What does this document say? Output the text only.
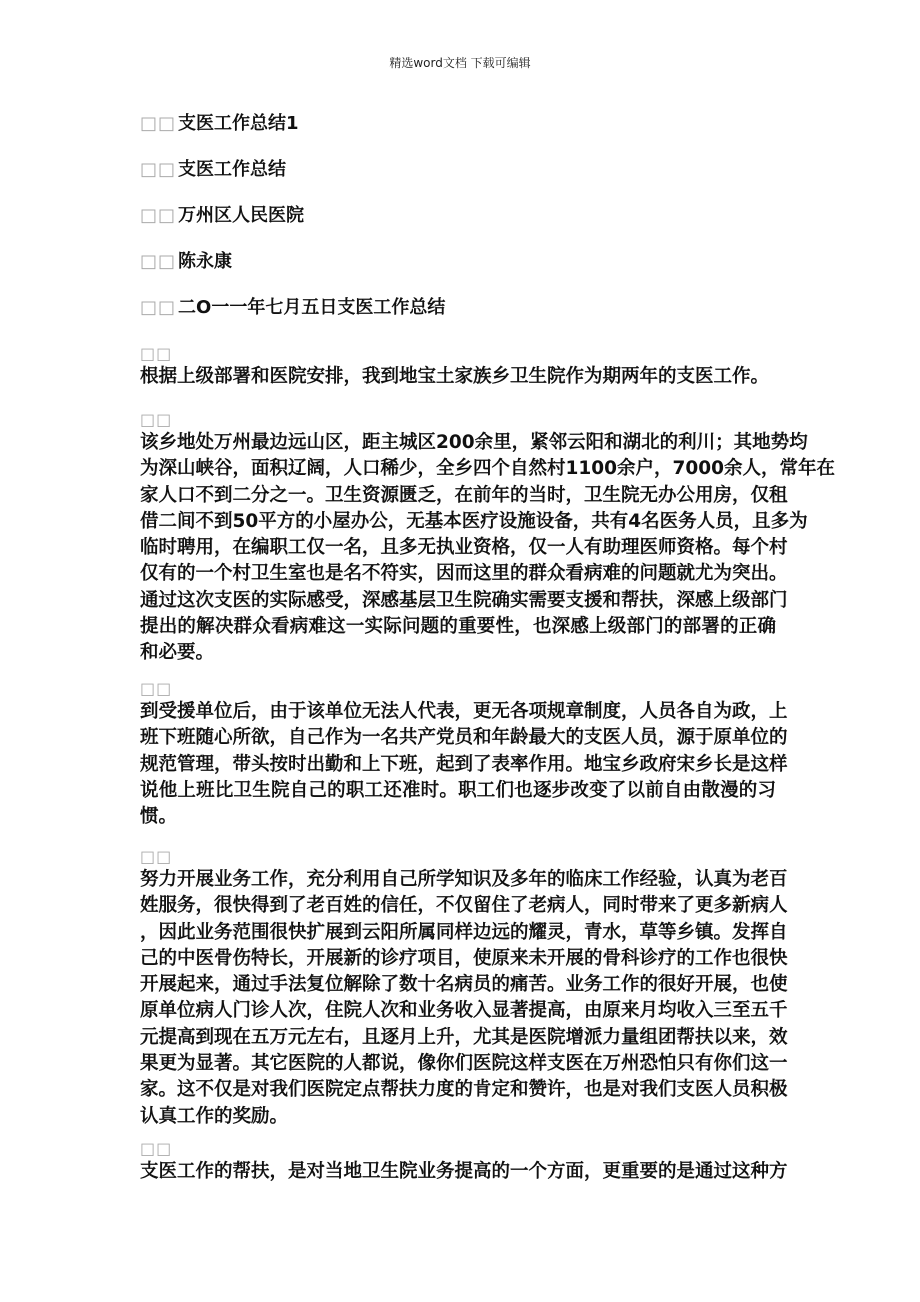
精选word文档 下载可编辑
□□ 支医工作总结1
□□ 支医工作总结
□□ 万州区人民医院
□□ 陈永康
□□ 二O一一年七月五日支医工作总结
□□
根据上级部署和医院安排，我到地宝土家族乡卫生院作为期两年的支医工作。
□□
该乡地处万州最边远山区，距主城区200余里，紧邻云阳和湖北的利川；其地势均
为深山峡谷，面积辽阔，人口稀少，全乡四个自然村1100余户，7000余人，常年在
家人口不到二分之一。卫生资源匮乏，在前年的当时，卫生院无办公用房，仅租
借二间不到50平方的小屋办公，无基本医疗设施设备，共有4名医务人员，且多为
临时聘用，在编职工仅一名，且多无执业资格，仅一人有助理医师资格。每个村
仅有的一个村卫生室也是名不符实，因而这里的群众看病难的问题就尤为突出。
通过这次支医的实际感受，深感基层卫生院确实需要支援和帮扶，深感上级部门
提出的解决群众看病难这一实际问题的重要性，也深感上级部门的部署的正确
和必要。
□□
到受援单位后，由于该单位无法人代表，更无各项规章制度，人员各自为政，上
班下班随心所欲，自己作为一名共产党员和年龄最大的支医人员，源于原单位的
规范管理，带头按时出勤和上下班，起到了表率作用。地宝乡政府宋乡长是这样
说他上班比卫生院自己的职工还准时。职工们也逐步改变了以前自由散漫的习
惯。
□□
努力开展业务工作，充分利用自己所学知识及多年的临床工作经验，认真为老百
姓服务，很快得到了老百姓的信任，不仅留住了老病人，同时带来了更多新病人
，因此业务范围很快扩展到云阳所属同样边远的耀灵，青水，草等乡镇。发挥自
己的中医骨伤特长，开展新的诊疗项目，使原来未开展的骨科诊疗的工作也很快
开展起来，通过手法复位解除了数十名病员的痛苦。业务工作的很好开展，也使
原单位病人门诊人次，住院人次和业务收入显著提高，由原来月均收入三至五千
元提高到现在五万元左右，且逐月上升，尤其是医院增派力量组团帮扶以来，效
果更为显著。其它医院的人都说，像你们医院这样支医在万州恐怕只有你们这一
家。这不仅是对我们医院定点帮扶力度的肯定和赞许，也是对我们支医人员积极
认真工作的奖励。
□□
支医工作的帮扶，是对当地卫生院业务提高的一个方面，更重要的是通过这种方
